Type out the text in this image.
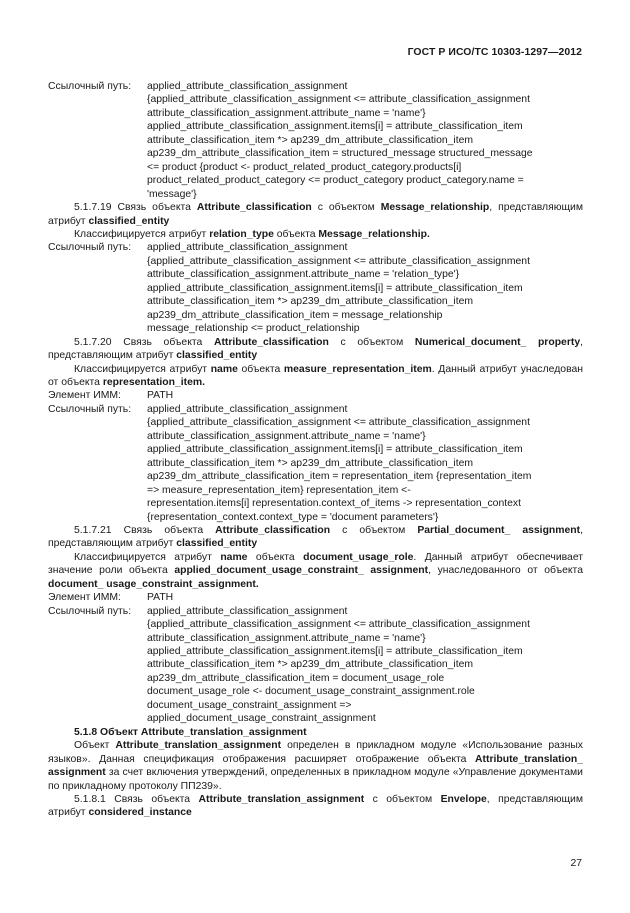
ГОСТ Р ИСО/ТС 10303-1297—2012
Ссылочный путь:	applied_attribute_classification_assignment
{applied_attribute_classification_assignment <= attribute_classification_assignment
attribute_classification_assignment.attribute_name = 'name'}
applied_attribute_classification_assignment.items[i] = attribute_classification_item
attribute_classification_item *> ap239_dm_attribute_classification_item
ap239_dm_attribute_classification_item = structured_message structured_message
<= product {product <- product_related_product_category.products[i]
product_related_product_category <= product_category product_category.name =
'message'}
5.1.7.19 Связь объекта Attribute_classification с объектом Message_relationship, представляющим атрибут classified_entity
Классифицируется атрибут relation_type объекта Message_relationship.
Ссылочный путь:	applied_attribute_classification_assignment
{applied_attribute_classification_assignment <= attribute_classification_assignment
attribute_classification_assignment.attribute_name = 'relation_type'}
applied_attribute_classification_assignment.items[i] = attribute_classification_item
attribute_classification_item *> ap239_dm_attribute_classification_item
ap239_dm_attribute_classification_item = message_relationship
message_relationship <= product_relationship
5.1.7.20 Связь объекта Attribute_classification с объектом Numerical_document_ property, представляющим атрибут classified_entity
Классифицируется атрибут name объекта measure_representation_item. Данный атрибут унаследован от объекта representation_item.
Элемент ИММ:	PATH
Ссылочный путь:	applied_attribute_classification_assignment
{applied_attribute_classification_assignment <= attribute_classification_assignment
attribute_classification_assignment.attribute_name = 'name'}
applied_attribute_classification_assignment.items[i] = attribute_classification_item
attribute_classification_item *> ap239_dm_attribute_classification_item
ap239_dm_attribute_classification_item = representation_item {representation_item
=> measure_representation_item} representation_item <-
representation.items[i] representation.context_of_items -> representation_context
{representation_context.context_type = 'document parameters'}
5.1.7.21 Связь объекта Attribute_classification с объектом Partial_document_ assignment, представляющим атрибут classified_entity
Классифицируется атрибут name объекта document_usage_role. Данный атрибут обеспечивает значение роли объекта applied_document_usage_constraint_ assignment, унаследованного от объекта document_ usage_constraint_assignment.
Элемент ИММ:	PATH
Ссылочный путь:	applied_attribute_classification_assignment
{applied_attribute_classification_assignment <= attribute_classification_assignment
attribute_classification_assignment.attribute_name = 'name'}
applied_attribute_classification_assignment.items[i] = attribute_classification_item
attribute_classification_item *> ap239_dm_attribute_classification_item
ap239_dm_attribute_classification_item = document_usage_role
document_usage_role <- document_usage_constraint_assignment.role
document_usage_constraint_assignment =>
applied_document_usage_constraint_assignment
5.1.8 Объект Attribute_translation_assignment
Объект Attribute_translation_assignment определен в прикладном модуле «Использование разных языков». Данная спецификация отображения расширяет отображение объекта Attribute_translation_ assignment за счет включения утверждений, определенных в прикладном модуле «Управление документами по прикладному протоколу ПП239».
5.1.8.1 Связь объекта Attribute_translation_assignment с объектом Envelope, представляющим атрибут considered_instance
27
